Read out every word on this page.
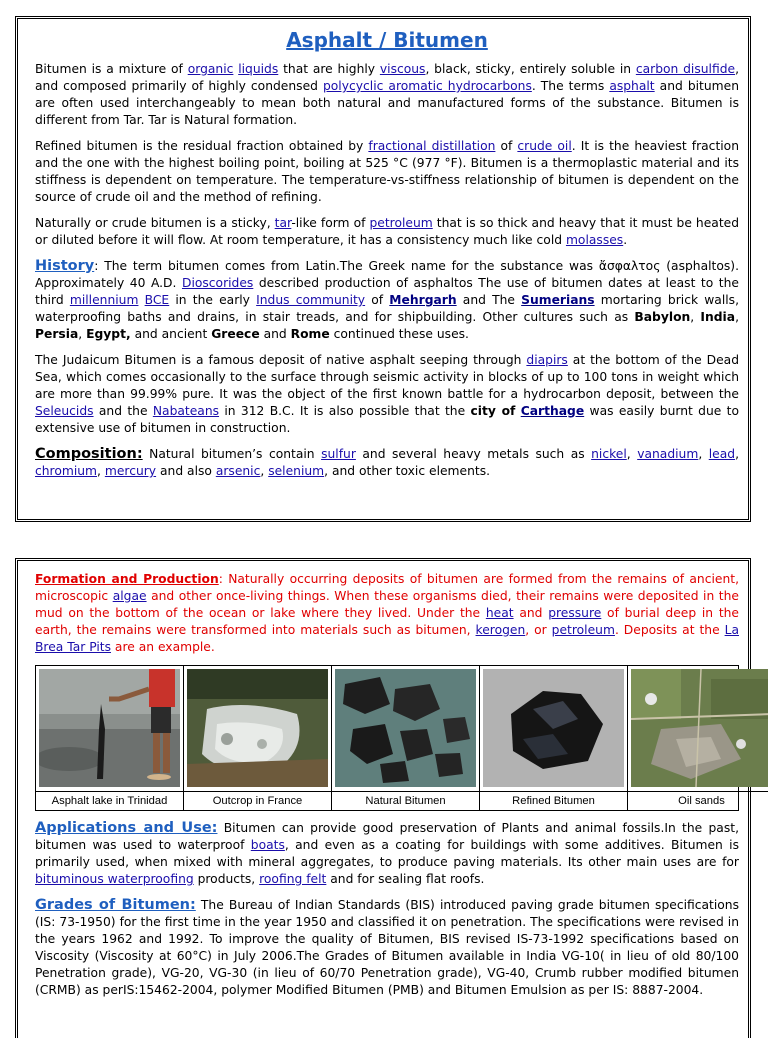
Asphalt / Bitumen

Bitumen is a mixture of organic liquids that are highly viscous, black, sticky, entirely soluble in carbon disulfide, and composed primarily of highly condensed polycyclic aromatic hydrocarbons. The terms asphalt and bitumen are often used interchangeably to mean both natural and manufactured forms of the substance. Bitumen is different from Tar. Tar is Natural formation.

Refined bitumen is the residual fraction obtained by fractional distillation of crude oil. It is the heaviest fraction and the one with the highest boiling point, boiling at 525 °C (977 °F). Bitumen is a thermoplastic material and its stiffness is dependent on temperature. The temperature-vs-stiffness relationship of bitumen is dependent on the source of crude oil and the method of refining.

Naturally or crude bitumen is a sticky, tar-like form of petroleum that is so thick and heavy that it must be heated or diluted before it will flow. At room temperature, it has a consistency much like cold molasses.

History: The term bitumen comes from Latin.The Greek name for the substance was ἄσφαλτος (asphaltos). Approximately 40 A.D. Dioscorides described production of asphaltos The use of bitumen dates at least to the third millennium BCE in the early Indus community of Mehrgarh and The Sumerians mortaring brick walls, waterproofing baths and drains, in stair treads, and for shipbuilding. Other cultures such as Babylon, India, Persia, Egypt, and ancient Greece and Rome continued these uses.

The Judaicum Bitumen is a famous deposit of native asphalt seeping through diapirs at the bottom of the Dead Sea, which comes occasionally to the surface through seismic activity in blocks of up to 100 tons in weight which are more than 99.99% pure. It was the object of the first known battle for a hydrocarbon deposit, between the Seleucids and the Nabateans in 312 B.C. It is also possible that the city of Carthage was easily burnt due to extensive use of bitumen in construction.

Composition: Natural bitumen’s contain sulfur and several heavy metals such as nickel, vanadium, lead, chromium, mercury and also arsenic, selenium, and other toxic elements.

Formation and Production: Naturally occurring deposits of bitumen are formed from the remains of ancient, microscopic algae and other once-living things. When these organisms died, their remains were deposited in the mud on the bottom of the ocean or lake where they lived. Under the heat and pressure of burial deep in the earth, the remains were transformed into materials such as bitumen, kerogen, or petroleum. Deposits at the La Brea Tar Pits are an example.

Asphalt lake in Trinidad	Outcrop in France	Natural Bitumen	Refined Bitumen	Oil sands

Applications and Use: Bitumen can provide good preservation of Plants and animal fossils.In the past, bitumen was used to waterproof boats, and even as a coating for buildings with some additives. Bitumen is primarily used, when mixed with mineral aggregates, to produce paving materials. Its other main uses are for bituminous waterproofing products, roofing felt and for sealing flat roofs.

Grades of Bitumen: The Bureau of Indian Standards (BIS) introduced paving grade bitumen specifications (IS: 73-1950) for the first time in the year 1950 and classified it on penetration. The specifications were revised in the years 1962 and 1992. To improve the quality of Bitumen, BIS revised IS-73-1992 specifications based on Viscosity (Viscosity at 60°C) in July 2006.The Grades of Bitumen available in India VG-10( in lieu of old 80/100 Penetration grade), VG-20, VG-30 (in lieu of 60/70 Penetration grade), VG-40, Crumb rubber modified bitumen (CRMB) as perIS:15462-2004, polymer Modified Bitumen (PMB) and Bitumen Emulsion as per IS: 8887-2004.
